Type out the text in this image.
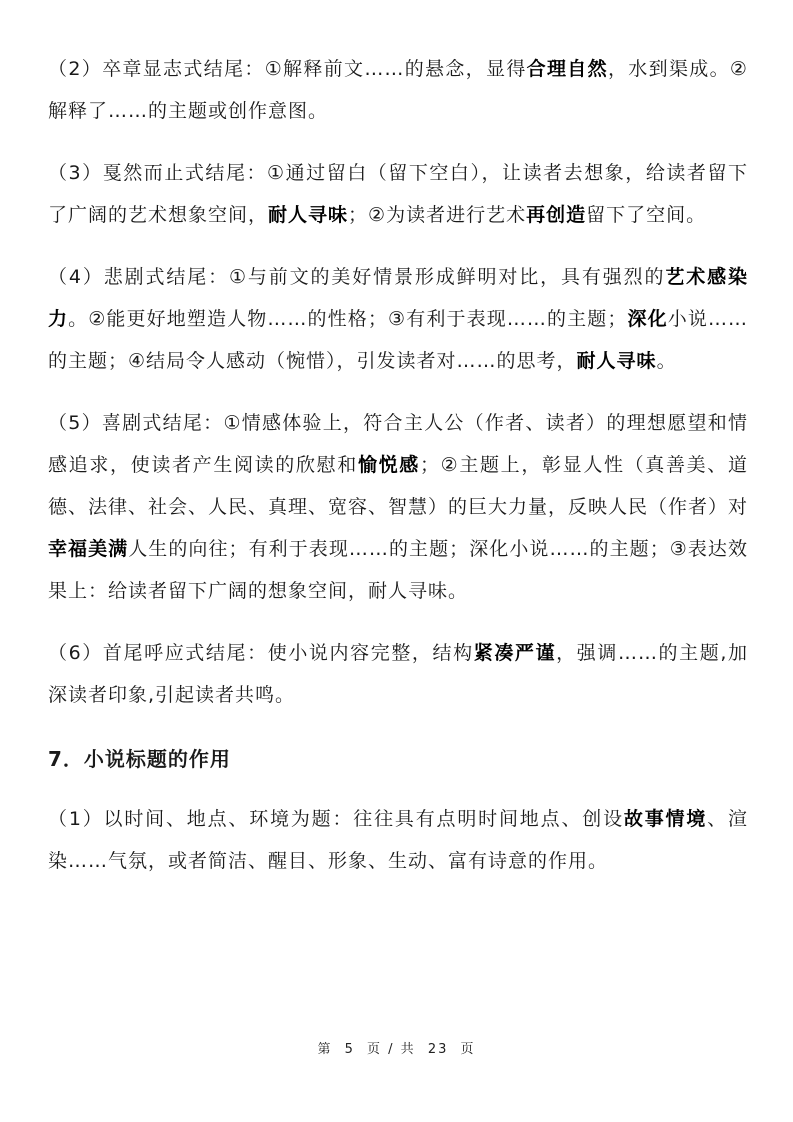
（2）卒章显志式结尾：①解释前文……的悬念，显得合理自然，水到渠成。②解释了……的主题或创作意图。

（3）戛然而止式结尾：①通过留白（留下空白），让读者去想象，给读者留下了广阔的艺术想象空间，耐人寻味；②为读者进行艺术再创造留下了空间。

（4）悲剧式结尾：①与前文的美好情景形成鲜明对比，具有强烈的艺术感染力。②能更好地塑造人物……的性格；③有利于表现……的主题；深化小说……的主题；④结局令人感动（惋惜），引发读者对……的思考，耐人寻味。

（5）喜剧式结尾：①情感体验上，符合主人公（作者、读者）的理想愿望和情感追求，使读者产生阅读的欣慰和愉悦感；②主题上，彰显人性（真善美、道德、法律、社会、人民、真理、宽容、智慧）的巨大力量，反映人民（作者）对幸福美满人生的向往；有利于表现……的主题；深化小说……的主题；③表达效果上：给读者留下广阔的想象空间，耐人寻味。

（6）首尾呼应式结尾：使小说内容完整，结构紧凑严谨，强调……的主题,加深读者印象,引起读者共鸣。

7．小说标题的作用

（1）以时间、地点、环境为题：往往具有点明时间地点、创设故事情境、渲染……气氛，或者简洁、醒目、形象、生动、富有诗意的作用。

第 5 页 / 共 23 页
